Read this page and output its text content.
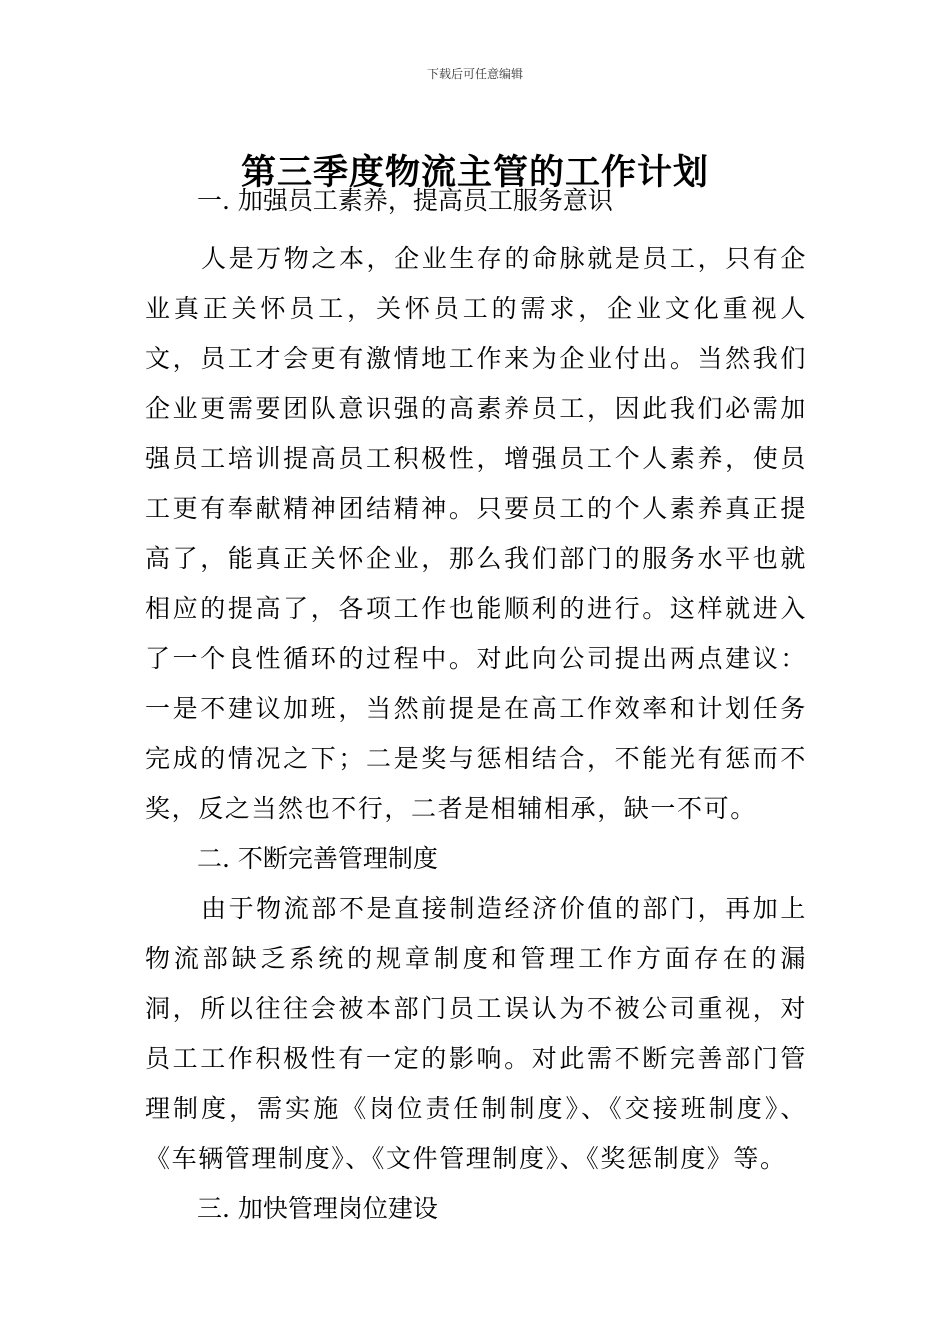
下载后可任意编辑
第三季度物流主管的工作计划

一. 加强员工素养，提高员工服务意识

人是万物之本，企业生存的命脉就是员工，只有企业真正关怀员工，关怀员工的需求，企业文化重视人文，员工才会更有激情地工作来为企业付出。当然我们企业更需要团队意识强的高素养员工，因此我们必需加强员工培训提高员工积极性，增强员工个人素养，使员工更有奉献精神团结精神。只要员工的个人素养真正提高了，能真正关怀企业，那么我们部门的服务水平也就相应的提高了，各项工作也能顺利的进行。这样就进入了一个良性循环的过程中。对此向公司提出两点建议：一是不建议加班，当然前提是在高工作效率和计划任务完成的情况之下；二是奖与惩相结合，不能光有惩而不奖，反之当然也不行，二者是相辅相承，缺一不可。

二. 不断完善管理制度

由于物流部不是直接制造经济价值的部门，再加上物流部缺乏系统的规章制度和管理工作方面存在的漏洞，所以往往会被本部门员工误认为不被公司重视，对员工工作积极性有一定的影响。对此需不断完善部门管理制度，需实施《岗位责任制制度》、《交接班制度》、《车辆管理制度》、《文件管理制度》、《奖惩制度》等。

三. 加快管理岗位建设
